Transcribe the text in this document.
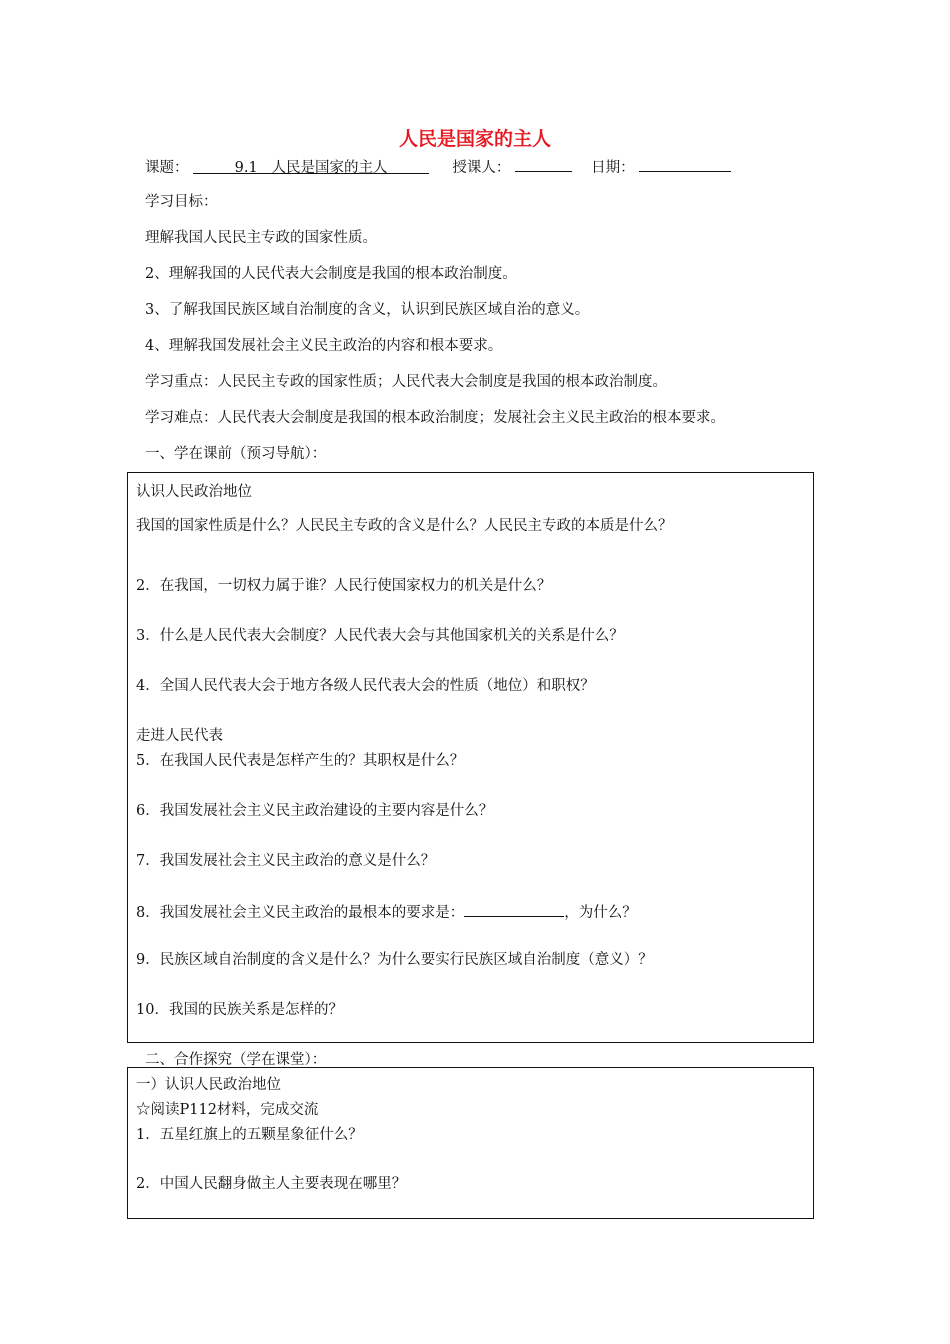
人民是国家的主人
课题：	9.1   人民是国家的主人	授课人：	日期：
学习目标：
理解我国人民民主专政的国家性质。
2、理解我国的人民代表大会制度是我国的根本政治制度。
3、了解我国民族区域自治制度的含义，认识到民族区域自治的意义。
4、理解我国发展社会主义民主政治的内容和根本要求。
学习重点：人民民主专政的国家性质；人民代表大会制度是我国的根本政治制度。
学习难点：人民代表大会制度是我国的根本政治制度；发展社会主义民主政治的根本要求。
一、学在课前（预习导航）：
认识人民政治地位
我国的国家性质是什么？人民民主专政的含义是什么？人民民主专政的本质是什么？
2．在我国，一切权力属于谁？人民行使国家权力的机关是什么？
3．什么是人民代表大会制度？人民代表大会与其他国家机关的关系是什么？
4．全国人民代表大会于地方各级人民代表大会的性质（地位）和职权？
走进人民代表
5．在我国人民代表是怎样产生的？其职权是什么？
6．我国发展社会主义民主政治建设的主要内容是什么？
7．我国发展社会主义民主政治的意义是什么？
8．我国发展社会主义民主政治的最根本的要求是：	，为什么？
9．民族区域自治制度的含义是什么？为什么要实行民族区域自治制度（意义）？
10．我国的民族关系是怎样的？
二、合作探究（学在课堂）：
一）认识人民政治地位
☆阅读P112材料，完成交流
1．五星红旗上的五颗星象征什么？
2．中国人民翻身做主人主要表现在哪里？
